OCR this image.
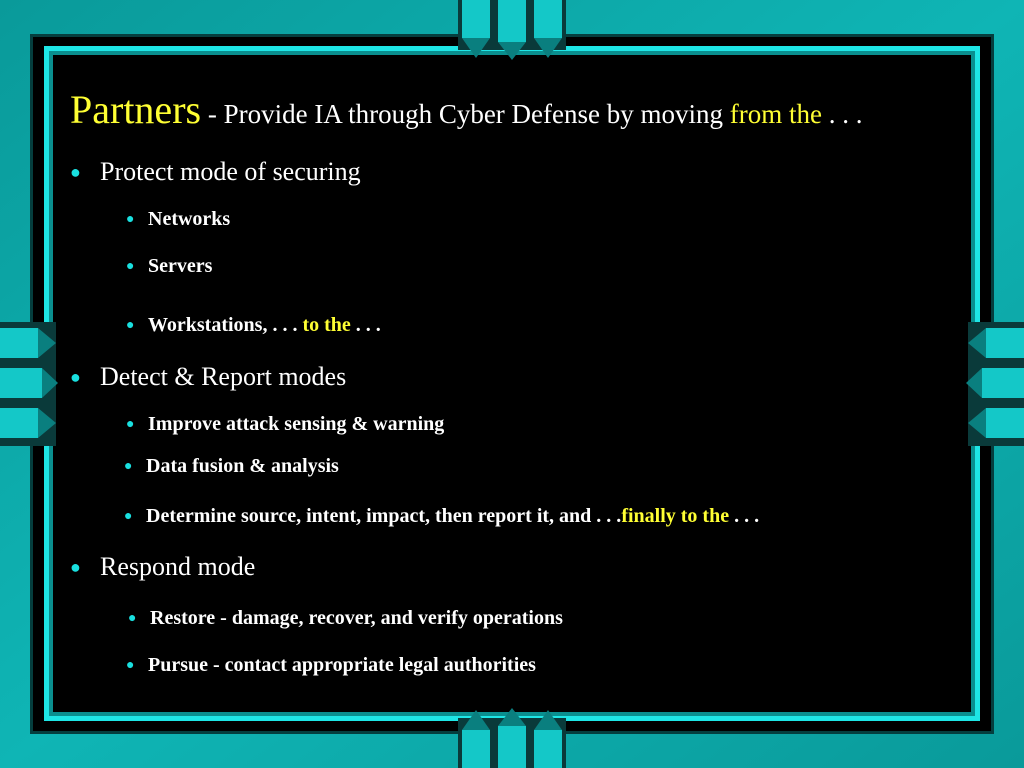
Partners - Provide IA through Cyber Defense by moving from the . . .
● Protect mode of securing
● Networks
● Servers
● Workstations, . . . to the . . .
● Detect & Report modes
● Improve attack sensing & warning
● Data fusion & analysis
● Determine source, intent, impact, then report it, and . . .finally to the . . .
● Respond mode
● Restore - damage, recover, and verify operations
● Pursue - contact appropriate legal authorities
